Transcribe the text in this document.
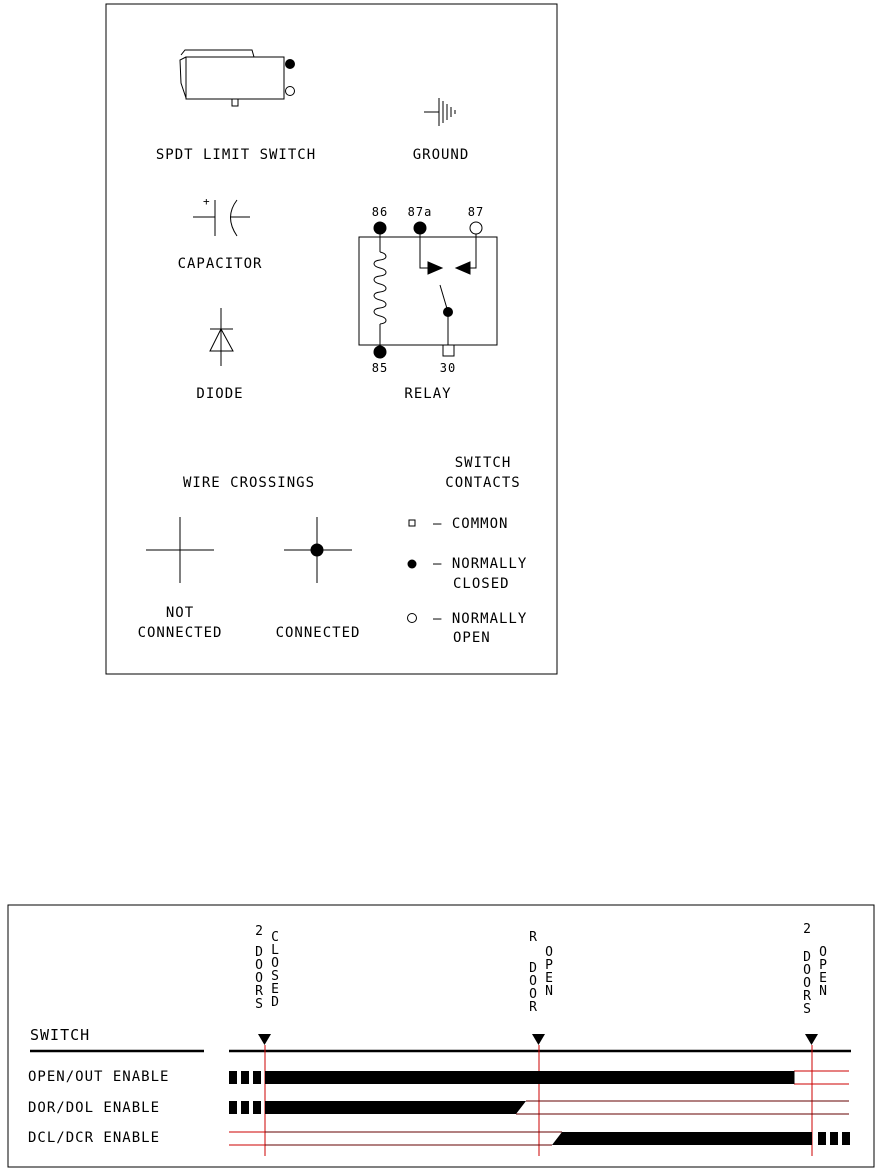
SPDT LIMIT SWITCH	GROUND
+
CAPACITOR
DIODE
86 87a	87
85	30
RELAY
WIRE CROSSINGS
NOT
CONNECTED	CONNECTED
SWITCH
CONTACTS
– COMMON
– NORMALLY
CLOSED
– NORMALLY
OPEN
SWITCH
2
DOORS
CLOSED
R
DOOR
OPEN
2
DOORS
OPEN
OPEN/OUT ENABLE
DOR/DOL ENABLE
DCL/DCR ENABLE
